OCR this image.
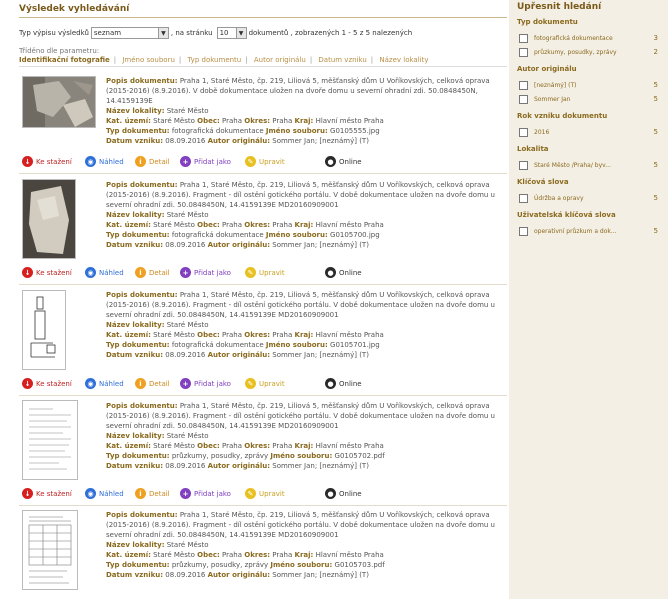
Výsledek vyhledávání
Typ výpisu výsledků seznam	▼ , na stránku 10	▼ dokumentů , zobrazených 1 - 5 z 5 nalezených
Tříděno dle parametru:
Identifikační fotografie | Jméno souboru | Typ dokumentu | Autor originálu | Datum vzniku | Název lokality
Popis dokumentu: Praha 1, Staré Město, čp. 219, Liliová 5, měšťanský dům U Voříkovských, celková oprava (2015-2016) (8.9.2016). V době dokumentace uložen na dvoře domu u severní ohradní zdi. 50.0848450N, 14.4159139E
Název lokality: Staré Město
Kat. území: Staré Město Obec: Praha Okres: Praha Kraj: Hlavní město Praha
Typ dokumentu: fotografická dokumentace Jméno souboru: G0105555.jpg
Datum vzniku: 08.09.2016 Autor originálu: Sommer Jan; [neznámý] (T)
↓ Ke stažení	◉ Náhled	i	Detail	+ Přidat jako	✎ Upravit	● Online
Popis dokumentu: Praha 1, Staré Město, čp. 219, Liliová 5, měšťanský dům U Voříkovských, celková oprava (2015-2016) (8.9.2016). Fragment - díl ostění gotického portálu. V době dokumentace uložen na dvoře domu u severní ohradní zdi. 50.0848450N, 14.4159139E MD20160909001
Název lokality: Staré Město
Kat. území: Staré Město Obec: Praha Okres: Praha Kraj: Hlavní město Praha
Typ dokumentu: fotografická dokumentace Jméno souboru: G0105700.jpg
Datum vzniku: 08.09.2016 Autor originálu: Sommer Jan; [neznámý] (T)
↓ Ke stažení	◉ Náhled	i	Detail	+ Přidat jako	✎ Upravit	● Online
Popis dokumentu: Praha 1, Staré Město, čp. 219, Liliová 5, měšťanský dům U Voříkovských, celková oprava (2015-2016) (8.9.2016). Fragment - díl ostění gotického portálu. V době dokumentace uložen na dvoře domu u severní ohradní zdi. 50.0848450N, 14.4159139E MD20160909001
Název lokality: Staré Město
Kat. území: Staré Město Obec: Praha Okres: Praha Kraj: Hlavní město Praha
Typ dokumentu: fotografická dokumentace Jméno souboru: G0105701.jpg
Datum vzniku: 08.09.2016 Autor originálu: Sommer Jan; [neznámý] (T)
↓ Ke stažení	◉ Náhled	i	Detail	+ Přidat jako	✎ Upravit	● Online
Popis dokumentu: Praha 1, Staré Město, čp. 219, Liliová 5, měšťanský dům U Voříkovských, celková oprava (2015-2016) (8.9.2016). Fragment - díl ostění gotického portálu. V době dokumentace uložen na dvoře domu u severní ohradní zdi. 50.0848450N, 14.4159139E MD20160909001
Název lokality: Staré Město
Kat. území: Staré Město Obec: Praha Okres: Praha Kraj: Hlavní město Praha
Typ dokumentu: průzkumy, posudky, zprávy Jméno souboru: G0105702.pdf
Datum vzniku: 08.09.2016 Autor originálu: Sommer Jan; [neznámý] (T)
↓ Ke stažení	◉ Náhled	i	Detail	+ Přidat jako	✎ Upravit	● Online
Popis dokumentu: Praha 1, Staré Město, čp. 219, Liliová 5, měšťanský dům U Voříkovských, celková oprava (2015-2016) (8.9.2016). Fragment - díl ostění gotického portálu. V době dokumentace uložen na dvoře domu u severní ohradní zdi. 50.0848450N, 14.4159139E MD20160909001
Název lokality: Staré Město
Kat. území: Staré Město Obec: Praha Okres: Praha Kraj: Hlavní město Praha
Typ dokumentu: průzkumy, posudky, zprávy Jméno souboru: G0105703.pdf
Datum vzniku: 08.09.2016 Autor originálu: Sommer Jan; [neznámý] (T)
Upřesnit hledání
Typ dokumentu
fotografická dokumentace	3
průzkumy, posudky, zprávy	2
Autor originálu
[neznámý] (T)	5
Sommer Jan	5
Rok vzniku dokumentu
2016	5
Lokalita
Staré Město /Praha/ byv...	5
Klíčová slova
Údržba a opravy	5
Uživatelská klíčová slova
operativní průzkum a dok...	5
